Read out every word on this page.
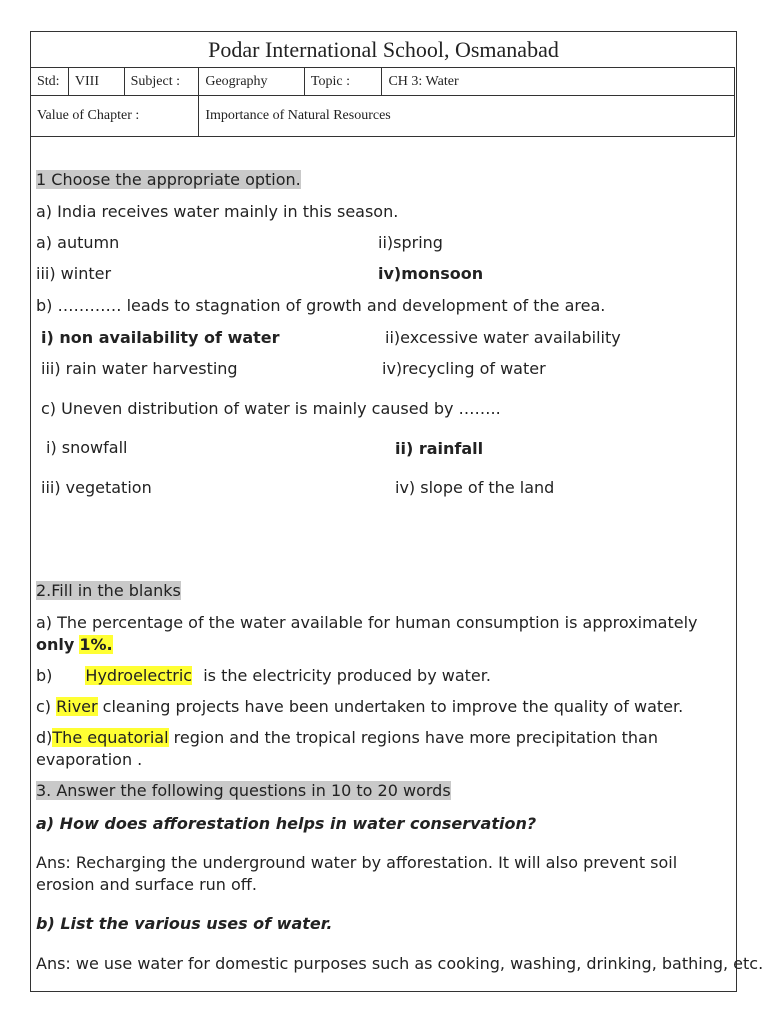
Podar International School, Osmanabad
Std:	VIII	Subject :	Geography	Topic :	CH 3: Water
Value of Chapter :			Importance of Natural Resources		
1 Choose the appropriate option.
a) India receives water mainly in this season.
a) autumn	ii)spring
iii) winter	iv)monsoon
b) ………… leads to stagnation of growth and development of the area.
i) non availability of water	ii)excessive water availability
iii) rain water harvesting	iv)recycling of water
c) Uneven distribution of water is mainly caused by ……..
i) snowfall	ii) rainfall
iii) vegetation	iv) slope of the land
2.Fill in the blanks
a) The percentage of the water available for human consumption is approximately only 1%.
b) Hydroelectric is the electricity produced by water.
c) River cleaning projects have been undertaken to improve the quality of water.
d)The equatorial region and the tropical regions have more precipitation than evaporation .
3. Answer the following questions in 10 to 20 words
a) How does afforestation helps in water conservation?
Ans: Recharging the underground water by afforestation. It will also prevent soil erosion and surface run off.
b) List the various uses of water.
Ans: we use water for domestic purposes such as cooking, washing, drinking, bathing, etc.
